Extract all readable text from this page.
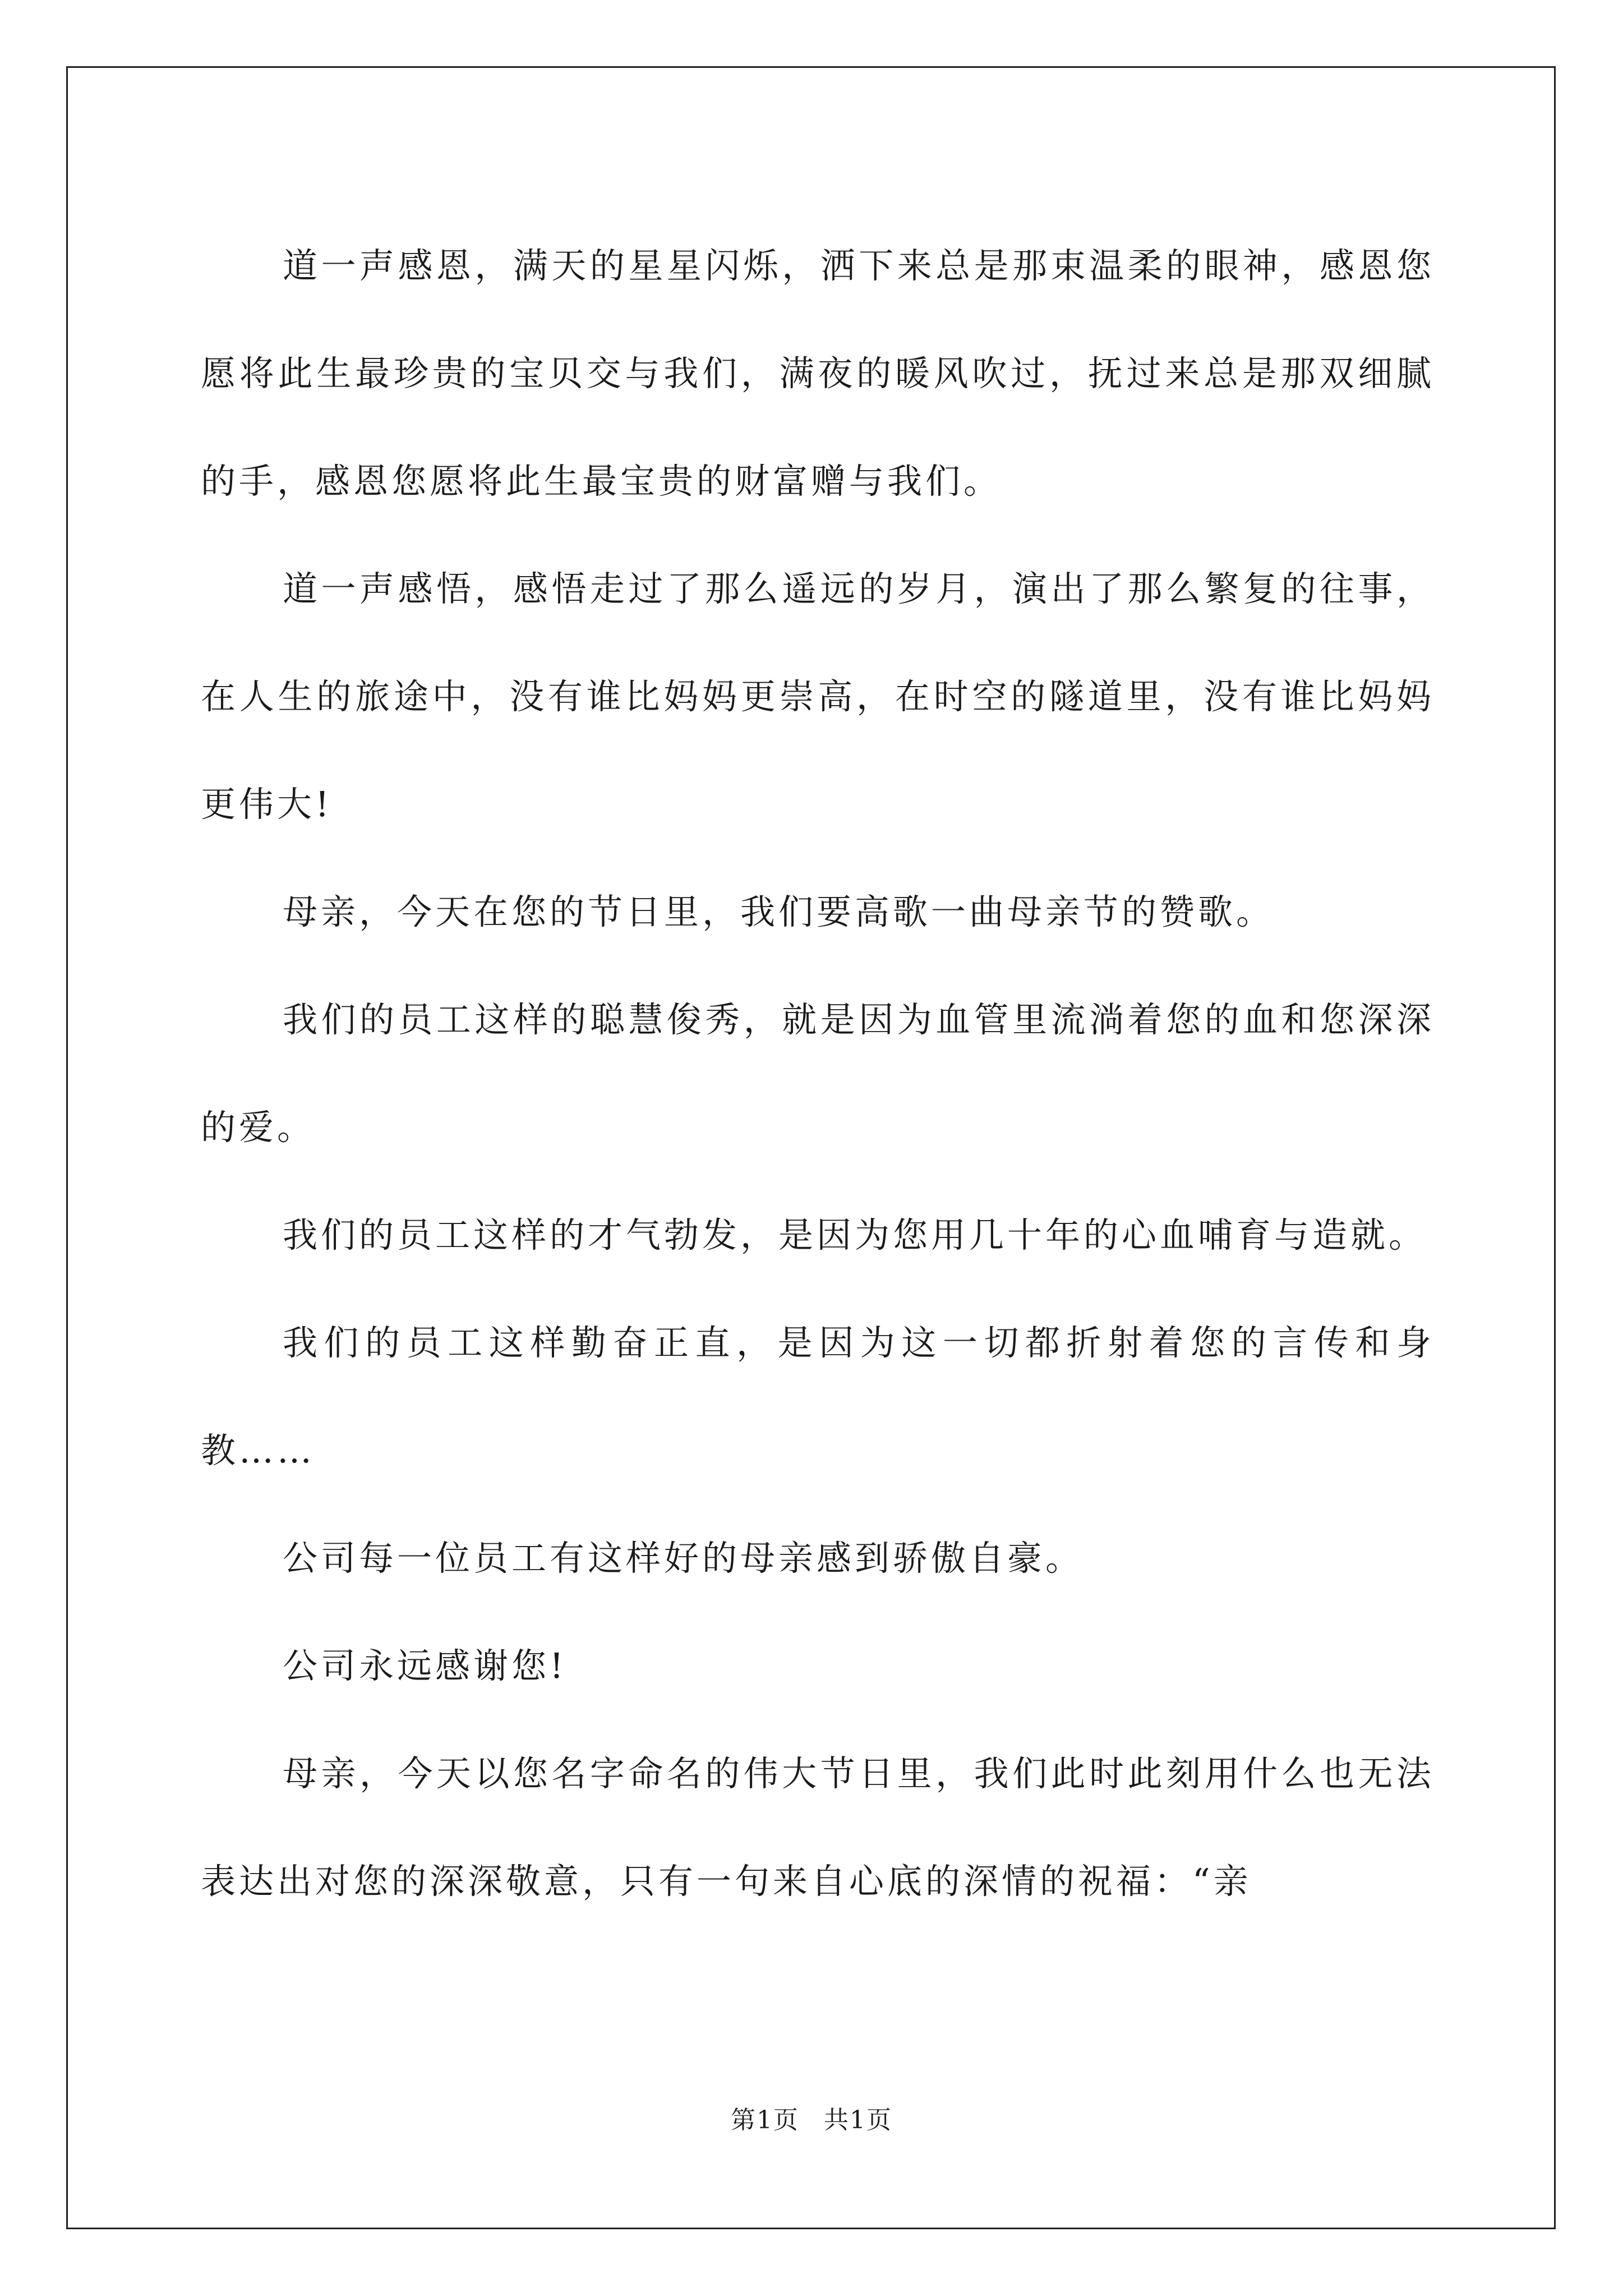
道一声感恩，满天的星星闪烁，洒下来总是那束温柔的眼神，感恩您愿将此生最珍贵的宝贝交与我们，满夜的暖风吹过，抚过来总是那双细腻的手，感恩您愿将此生最宝贵的财富赠与我们。

道一声感悟，感悟走过了那么遥远的岁月，演出了那么繁复的往事，在人生的旅途中，没有谁比妈妈更崇高，在时空的隧道里，没有谁比妈妈更伟大!

母亲，今天在您的节日里，我们要高歌一曲母亲节的赞歌。

我们的员工这样的聪慧俊秀，就是因为血管里流淌着您的血和您深深的爱。

我们的员工这样的才气勃发，是因为您用几十年的心血哺育与造就。

我们的员工这样勤奋正直，是因为这一切都折射着您的言传和身教……

公司每一位员工有这样好的母亲感到骄傲自豪。

公司永远感谢您!

母亲，今天以您名字命名的伟大节日里，我们此时此刻用什么也无法表达出对您的深深敬意，只有一句来自心底的深情的祝福：“亲

第1页 共1页
